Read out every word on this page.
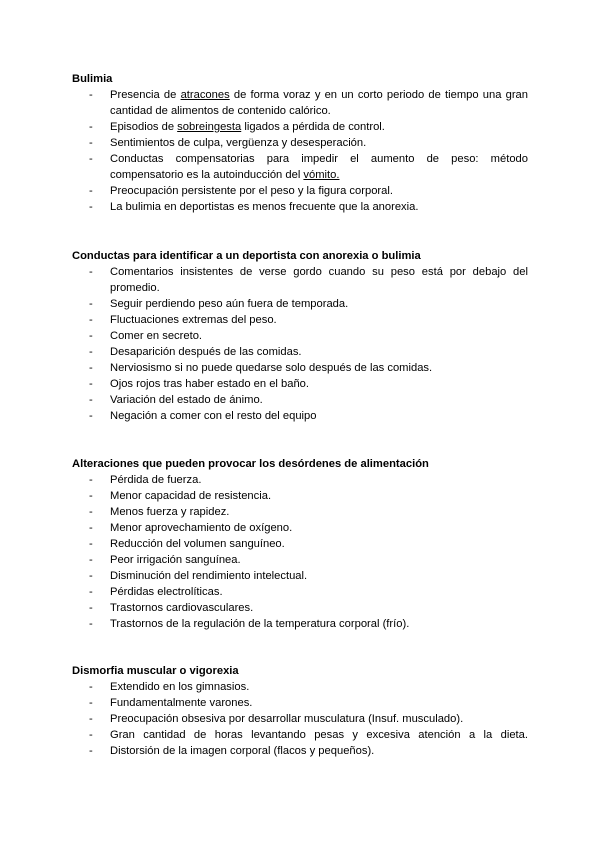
Bulimia

- Presencia de atracones de forma voraz y en un corto periodo de tiempo una gran cantidad de alimentos de contenido calórico.
- Episodios de sobreingesta ligados a pérdida de control.
- Sentimientos de culpa, vergüenza y desesperación.
- Conductas compensatorias para impedir el aumento de peso: método compensatorio es la autoinducción del vómito.
- Preocupación persistente por el peso y la figura corporal.
- La bulimia en deportistas es menos frecuente que la anorexia.

Conductas para identificar a un deportista con anorexia o bulimia

- Comentarios insistentes de verse gordo cuando su peso está por debajo del promedio.
- Seguir perdiendo peso aún fuera de temporada.
- Fluctuaciones extremas del peso.
- Comer en secreto.
- Desaparición después de las comidas.
- Nerviosismo si no puede quedarse solo después de las comidas.
- Ojos rojos tras haber estado en el baño.
- Variación del estado de ánimo.
- Negación a comer con el resto del equipo

Alteraciones que pueden provocar los desórdenes de alimentación

- Pérdida de fuerza.
- Menor capacidad de resistencia.
- Menos fuerza y rapidez.
- Menor aprovechamiento de oxígeno.
- Reducción del volumen sanguíneo.
- Peor irrigación sanguínea.
- Disminución del rendimiento intelectual.
- Pérdidas electrolíticas.
- Trastornos cardiovasculares.
- Trastornos de la regulación de la temperatura corporal (frío).

Dismorfia muscular o vigorexia

- Extendido en los gimnasios.
- Fundamentalmente varones.
- Preocupación obsesiva por desarrollar musculatura (Insuf. musculado).
- Gran cantidad de horas levantando pesas y excesiva atención a la dieta.
- Distorsión de la imagen corporal (flacos y pequeños).
